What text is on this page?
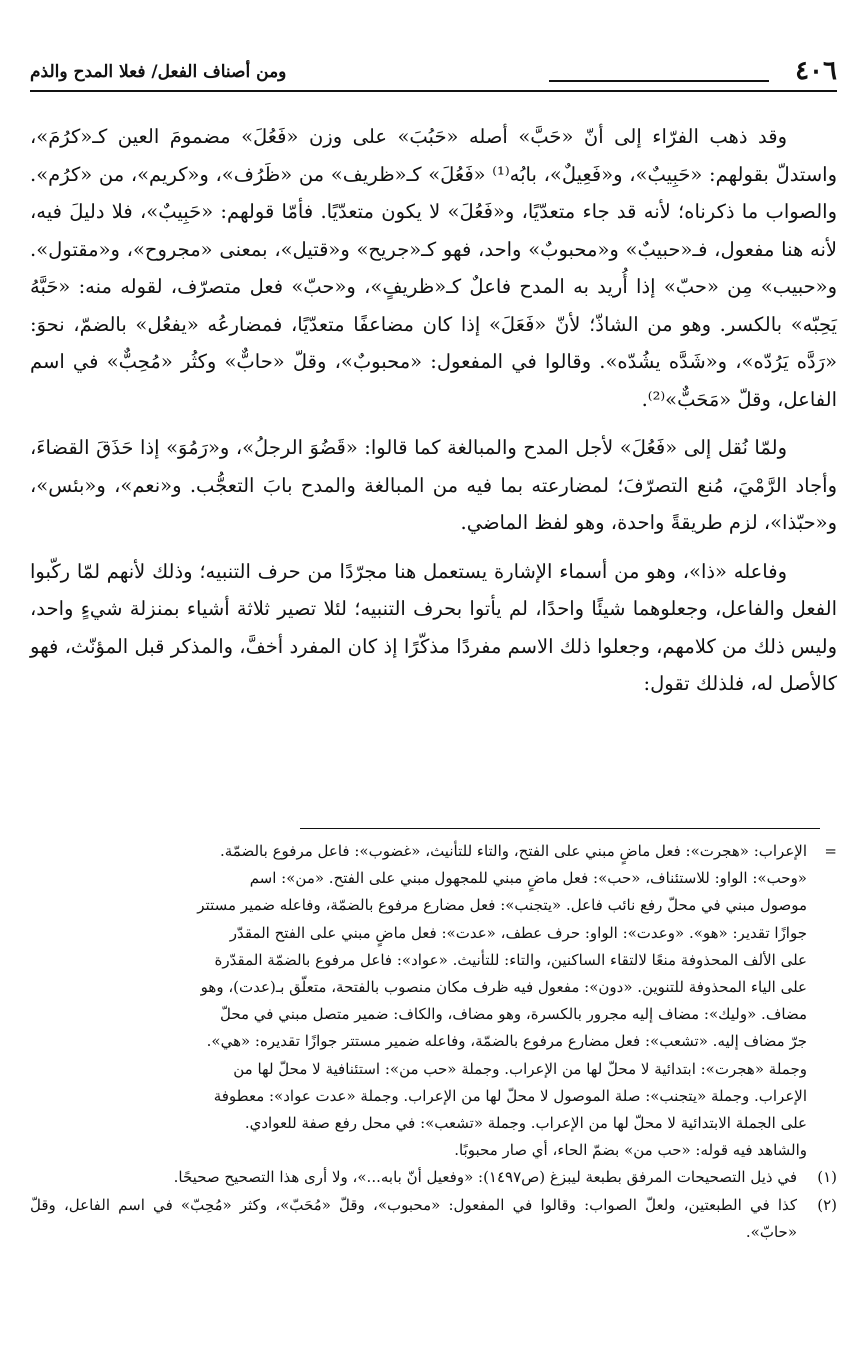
٤٠٦
ومن أصناف الفعل/ فعلا المدح والذم

وقد ذهب الفرّاء إلى أنّ «حَبَّ» أصله «حَبُبَ» على وزن «فَعُلَ» مضمومَ العين كـ«كرُمَ»، واستدلّ بقولهم: «حَبِيبٌ»، و«فَعِيلٌ»، بابُه⁽¹⁾ «فَعُلَ» كـ«ظريف» من «ظَرُف»، و«كريم»، من «كرُم». والصواب ما ذكرناه؛ لأنه قد جاء متعدّيًا، و«فَعُلَ» لا يكون متعدّيًا. فأمّا قولهم: «حَبِيبٌ»، فلا دليلَ فيه، لأنه هنا مفعول، فـ«حبيبٌ» و«محبوبٌ» واحد، فهو كـ«جريح» و«قتيل»، بمعنى «مجروح»، و«مقتول». و«حبيب» مِن «حبّ» إذا أُريد به المدح فاعلٌ كـ«ظريفٍ»، و«حبّ» فعل متصرّف، لقوله منه: «حَبَّهُ يَحِبّه» بالكسر. وهو من الشاذّ؛ لأنّ «فَعَلَ» إذا كان مضاعفًا متعدّيًا، فمضارعُه «يفعُل» بالضمّ، نحوَ: «رَدَّه يَرُدّه»، و«شَدَّه يشُدّه». وقالوا في المفعول: «محبوبٌ»، وقلّ «حابٌّ» وكثُر «مُحِبٌّ» في اسم الفاعل، وقلّ «مَحَبٌّ»⁽²⁾.

ولمّا نُقل إلى «فَعُلَ» لأجل المدح والمبالغة كما قالوا: «قَضُوَ الرجلُ»، و«رَمُوَ» إذا حَذَقَ القضاءَ، وأجاد الرَّمْيَ، مُنع التصرّفَ؛ لمضارعته بما فيه من المبالغة والمدح بابَ التعجُّب. و«نعم»، و«بئس»، و«حبّذا»، لزم طريقةً واحدة، وهو لفظ الماضي.

وفاعله «ذا»، وهو من أسماء الإشارة يستعمل هنا مجرّدًا من حرف التنبيه؛ وذلك لأنهم لمّا ركّبوا الفعل والفاعل، وجعلوهما شيئًا واحدًا، لم يأتوا بحرف التنبيه؛ لئلا تصير ثلاثة أشياء بمنزلة شيءٍ واحد، وليس ذلك من كلامهم، وجعلوا ذلك الاسم مفردًا مذكّرًا إذ كان المفرد أخفَّ، والمذكر قبل المؤنّث، فهو كالأصل له، فلذلك تقول:

=
الإعراب: «هجرت»: فعل ماضٍ مبني على الفتح، والتاء للتأنيث، «غضوب»: فاعل مرفوع بالضمّة.
«وحب»: الواو: للاستئناف، «حب»: فعل ماضٍ مبني للمجهول مبني على الفتح. «من»: اسم
موصول مبني في محلّ رفع نائب فاعل. «يتجنب»: فعل مضارع مرفوع بالضمّة، وفاعله ضمير مستتر
جوازًا تقدير: «هو». «وعدت»: الواو: حرف عطف، «عدت»: فعل ماضٍ مبني على الفتح المقدّر
على الألف المحذوفة منعًا لالتقاء الساكنين، والتاء: للتأنيث. «عواد»: فاعل مرفوع بالضمّة المقدّرة
على الياء المحذوفة للتنوين. «دون»: مفعول فيه ظرف مكان منصوب بالفتحة، متعلّق بـ(عدت)، وهو
مضاف. «وليك»: مضاف إليه مجرور بالكسرة، وهو مضاف، والكاف: ضمير متصل مبني في محلّ
جرّ مضاف إليه. «تشعب»: فعل مضارع مرفوع بالضمّة، وفاعله ضمير مستتر جوازًا تقديره: «هي».
وجملة «هجرت»: ابتدائية لا محلّ لها من الإعراب. وجملة «حب من»: استئنافية لا محلّ لها من
الإعراب. وجملة «يتجنب»: صلة الموصول لا محلّ لها من الإعراب. وجملة «عدت عواد»: معطوفة
على الجملة الابتدائية لا محلّ لها من الإعراب. وجملة «تشعب»: في محل رفع صفة للعوادي.
والشاهد فيه قوله: «حب من» بضمّ الحاء، أي صار محبوبًا.
(١)
في ذيل التصحيحات المرفق بطبعة ليبزغ (ص١٤٩٧): «وفعيل أنّ بابه...»، ولا أرى هذا التصحيح صحيحًا.
(٢)
كذا في الطبعتين، ولعلّ الصواب: وقالوا في المفعول: «محبوب»، وقلّ «مُحَبّ»، وكثر «مُحِبّ» في اسم الفاعل، وقلّ «حابّ».
